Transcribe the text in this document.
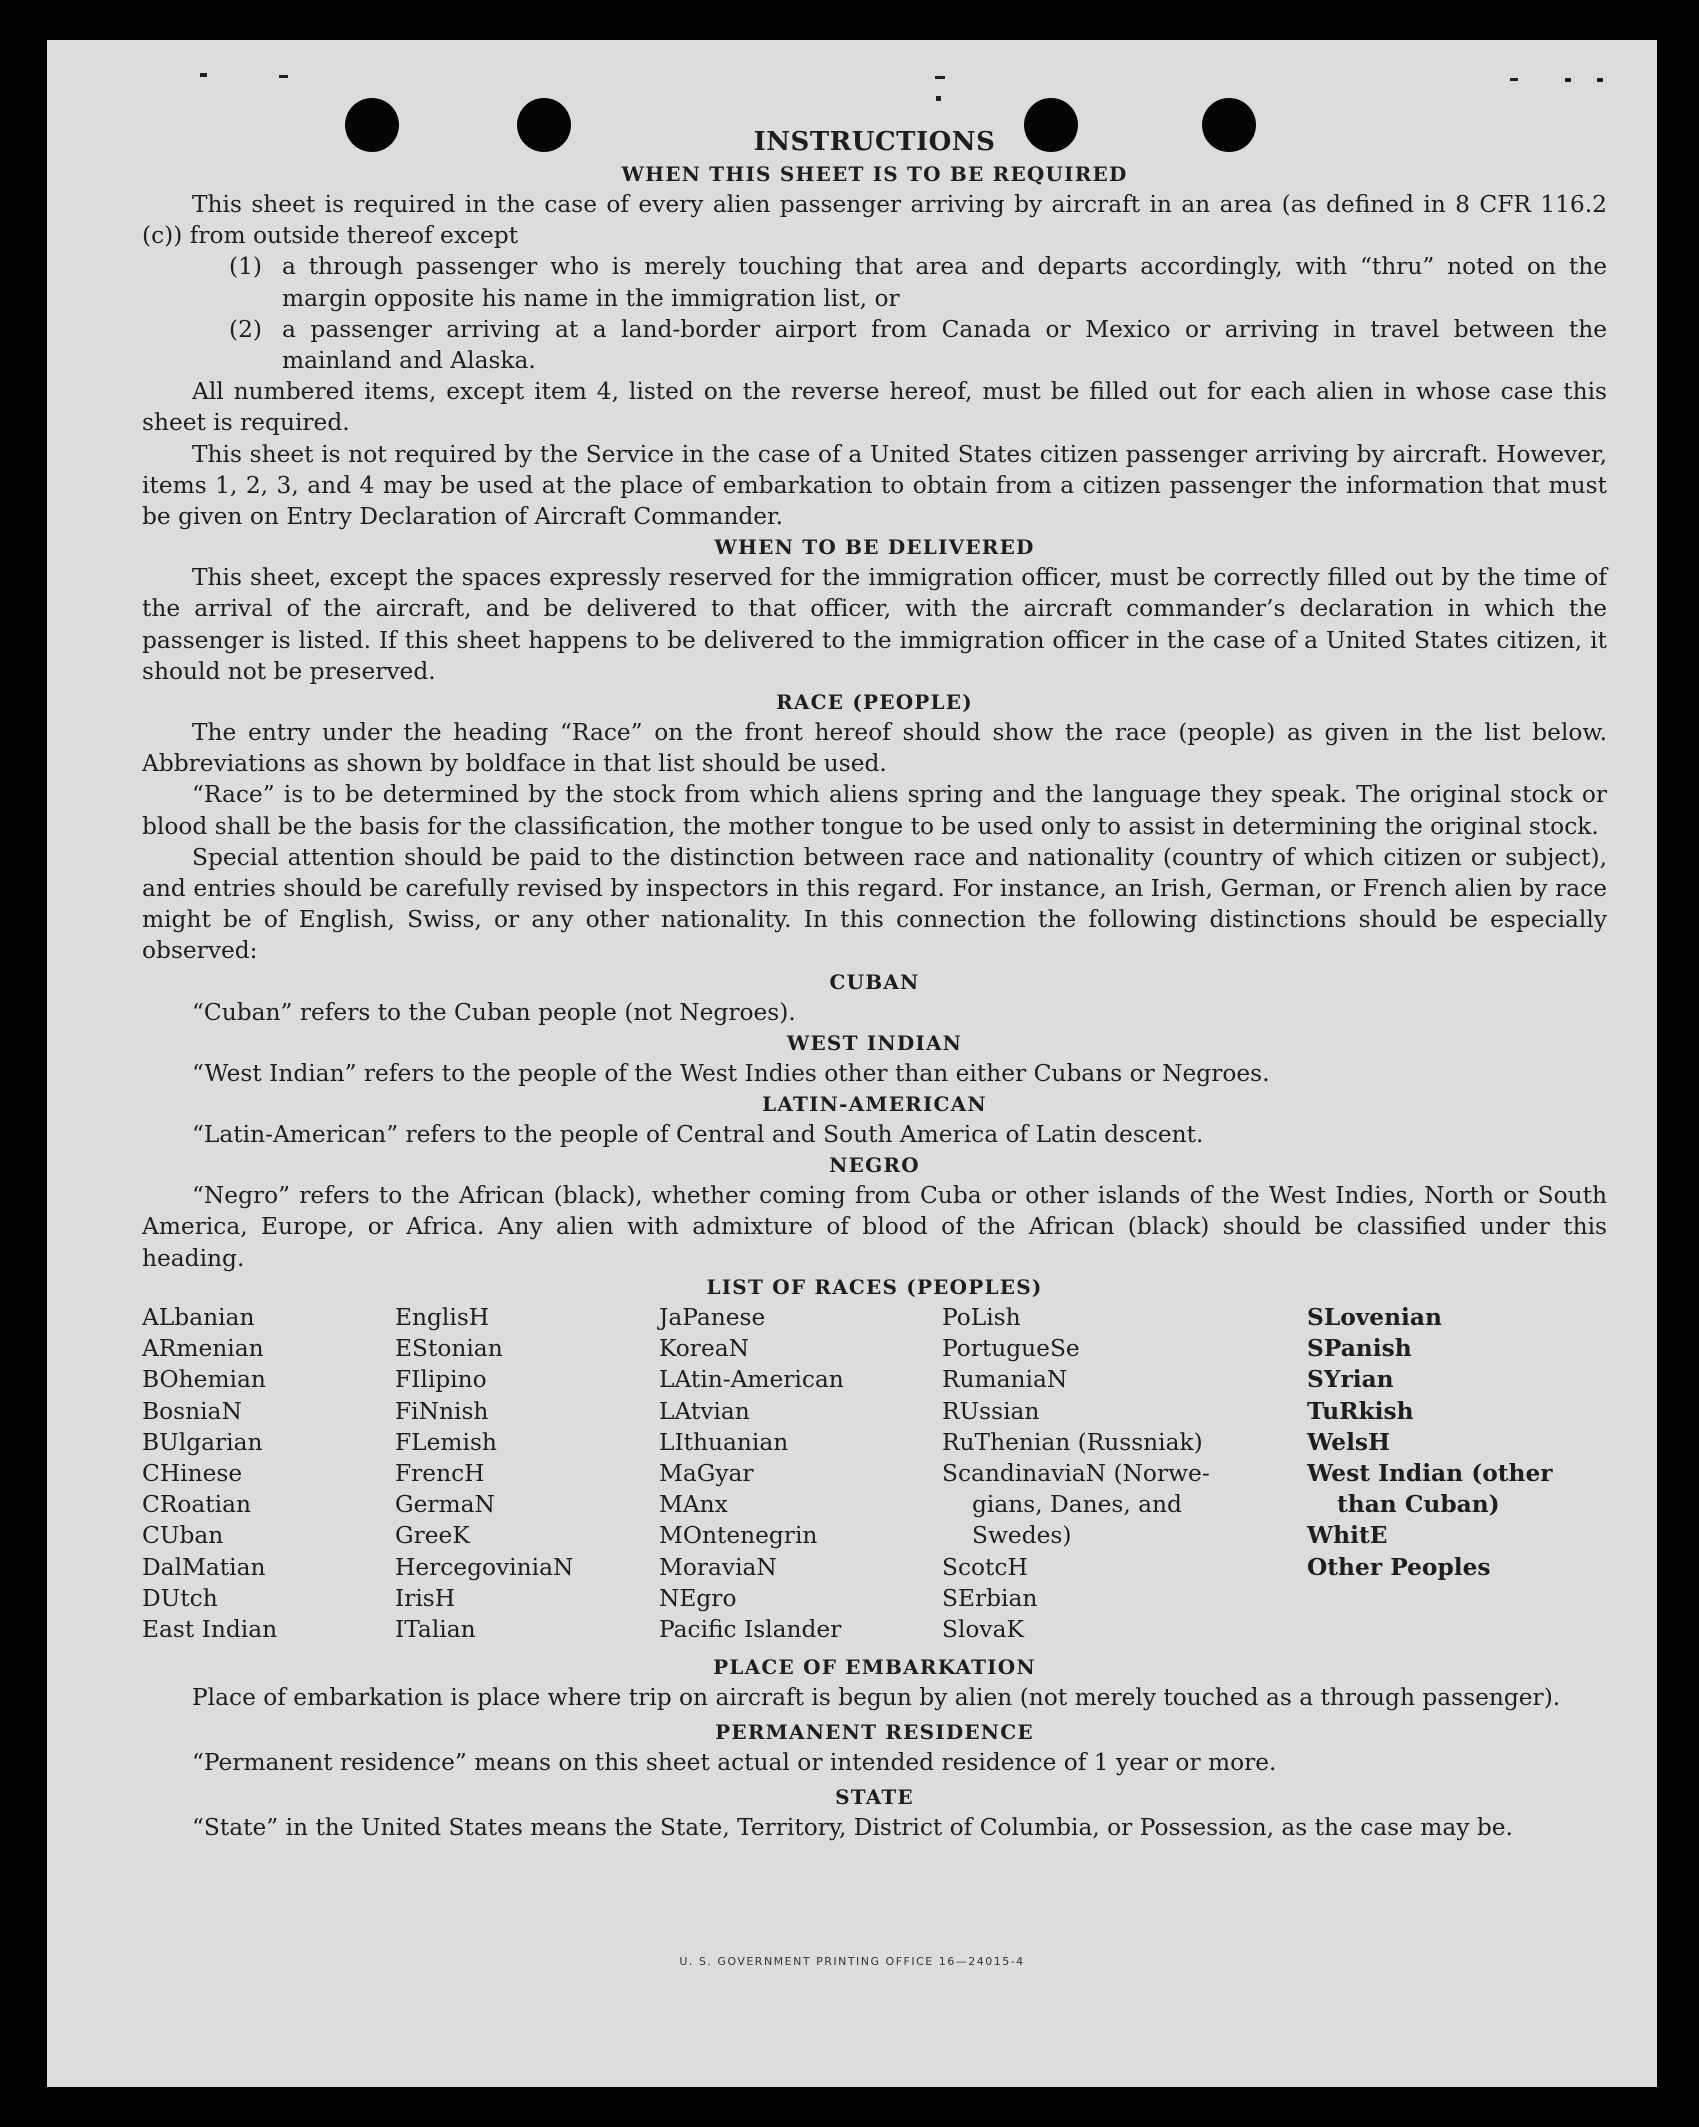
INSTRUCTIONS
WHEN THIS SHEET IS TO BE REQUIRED

This sheet is required in the case of every alien passenger arriving by aircraft in an area (as defined in 8 CFR 116.2 (c)) from outside thereof except

(1) a through passenger who is merely touching that area and departs accordingly, with “thru” noted on the margin opposite his name in the immigration list, or
(2) a passenger arriving at a land-border airport from Canada or Mexico or arriving in travel between the mainland and Alaska.

All numbered items, except item 4, listed on the reverse hereof, must be filled out for each alien in whose case this sheet is required.

This sheet is not required by the Service in the case of a United States citizen passenger arriving by aircraft. However, items 1, 2, 3, and 4 may be used at the place of embarkation to obtain from a citizen passenger the information that must be given on Entry Declaration of Aircraft Commander.

WHEN TO BE DELIVERED

This sheet, except the spaces expressly reserved for the immigration officer, must be correctly filled out by the time of the arrival of the aircraft, and be delivered to that officer, with the aircraft commander’s declaration in which the passenger is listed. If this sheet happens to be delivered to the immigration officer in the case of a United States citizen, it should not be preserved.

RACE (PEOPLE)

The entry under the heading “Race” on the front hereof should show the race (people) as given in the list below. Abbreviations as shown by boldface in that list should be used.

“Race” is to be determined by the stock from which aliens spring and the language they speak. The original stock or blood shall be the basis for the classification, the mother tongue to be used only to assist in determining the original stock.

Special attention should be paid to the distinction between race and nationality (country of which citizen or subject), and entries should be carefully revised by inspectors in this regard. For instance, an Irish, German, or French alien by race might be of English, Swiss, or any other nationality. In this connection the following distinctions should be especially observed:

CUBAN

“Cuban” refers to the Cuban people (not Negroes).

WEST INDIAN

“West Indian” refers to the people of the West Indies other than either Cubans or Negroes.

LATIN-AMERICAN

“Latin-American” refers to the people of Central and South America of Latin descent.

NEGRO

“Negro” refers to the African (black), whether coming from Cuba or other islands of the West Indies, North or South America, Europe, or Africa. Any alien with admixture of blood of the African (black) should be classified under this heading.

LIST OF RACES (PEOPLES)
ALbanian
ARmenian
BOhemian
BosniaN
BUlgarian
CHinese
CRoatian
CUban
DalMatian
DUtch
East Indian
EnglisH
EStonian
FIlipino
FiNnish
FLemish
FrencH
GermaN
GreeK
HercegoviniaN
IrisH
ITalian
JaPanese
KoreaN
LAtin-American
LAtvian
LIthuanian
MaGyar
MAnx
MOntenegrin
MoraviaN
NEgro
Pacific Islander
PoLish
PortugueSe
RumaniaN
RUssian
RuThenian (Russniak)
ScandinaviaN (Norwe-
gians, Danes, and
Swedes)
ScotcH
SErbian
SlovaK
SLovenian
SPanish
SYrian
TuRkish
WelsH
West Indian (other
than Cuban)
WhitE
Other Peoples
PLACE OF EMBARKATION

Place of embarkation is place where trip on aircraft is begun by alien (not merely touched as a through passenger).

PERMANENT RESIDENCE

“Permanent residence” means on this sheet actual or intended residence of 1 year or more.

STATE

“State” in the United States means the State, Territory, District of Columbia, or Possession, as the case may be.

U. S. GOVERNMENT PRINTING OFFICE 16—24015-4
